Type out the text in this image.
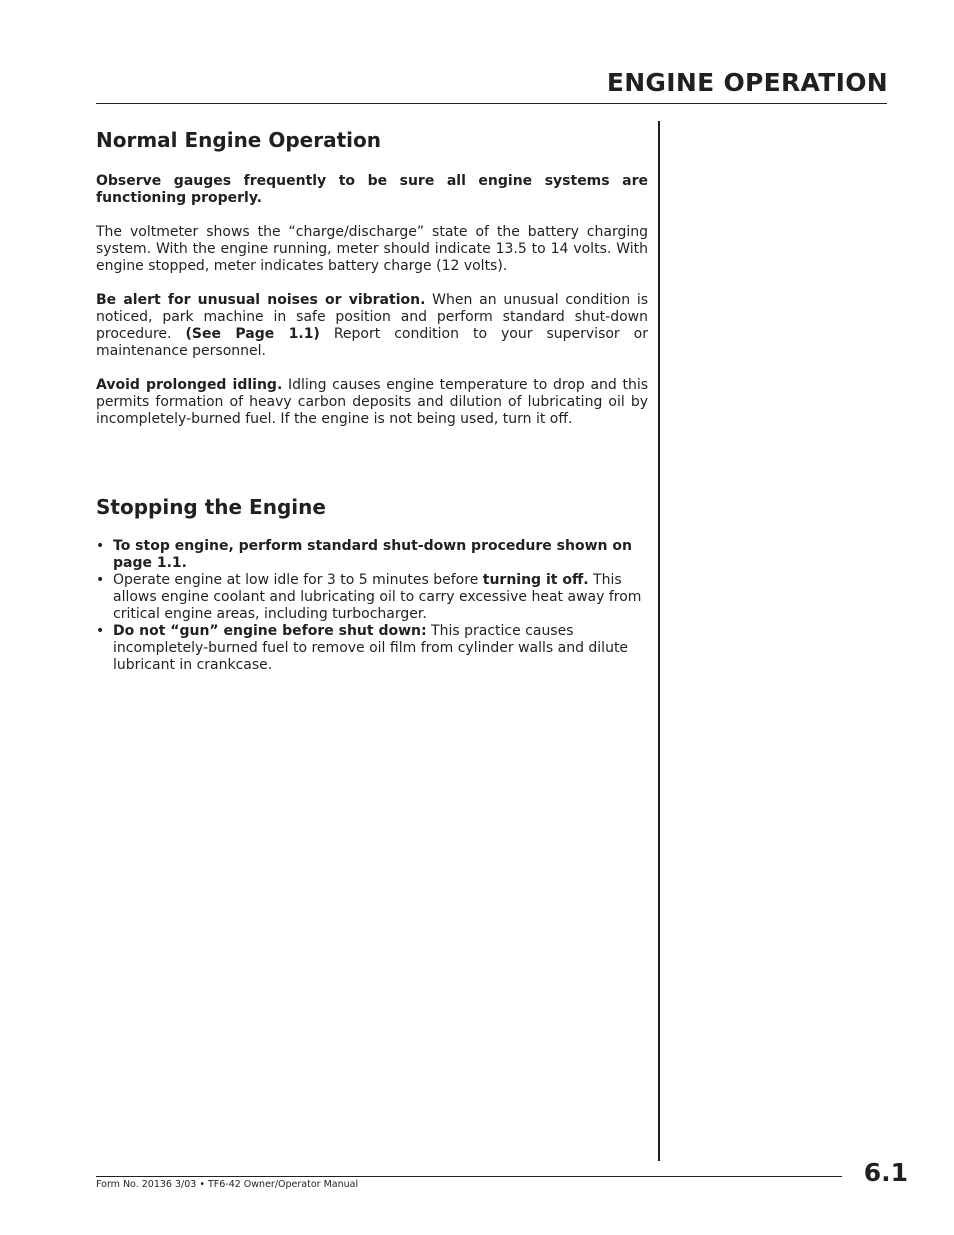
ENGINE OPERATION
Normal Engine Operation

Observe gauges frequently to be sure all engine systems are functioning properly.

The voltmeter shows the “charge/discharge” state of the battery charging system. With the engine running, meter should indicate 13.5 to 14 volts. With engine stopped, meter indicates battery charge (12 volts).

Be alert for unusual noises or vibration. When an unusual condition is noticed, park machine in safe position and perform standard shut-down procedure. (See Page 1.1) Report condition to your supervisor or maintenance personnel.

Avoid prolonged idling. Idling causes engine temperature to drop and this permits formation of heavy carbon deposits and dilution of lubricating oil by incompletely-burned fuel. If the engine is not being used, turn it off.

Stopping the Engine
• To stop engine, perform standard shut-down procedure shown on page 1.1.
• Operate engine at low idle for 3 to 5 minutes before turning it off. This allows engine coolant and lubricating oil to carry excessive heat away from critical engine areas, including turbocharger.
• Do not “gun” engine before shut down: This practice causes incompletely-burned fuel to remove oil film from cylinder walls and dilute lubricant in crankcase.
Form No. 20136 3/03 • TF6-42 Owner/Operator Manual	6.1
